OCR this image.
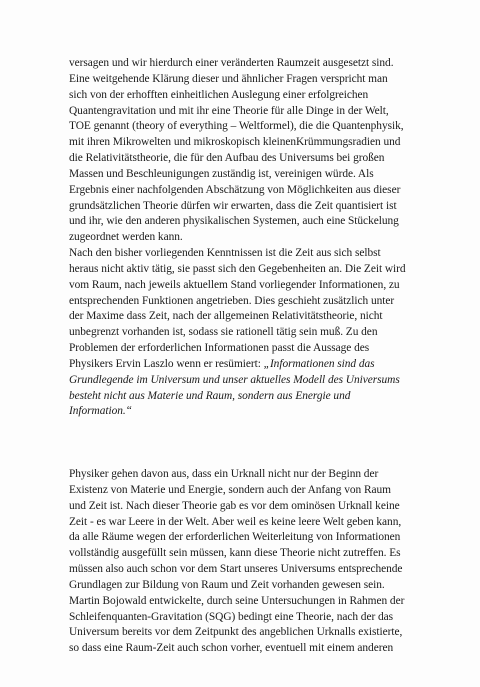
versagen und wir hierdurch einer veränderten Raumzeit ausgesetzt sind.
Eine weitgehende Klärung dieser und ähnlicher Fragen verspricht man
sich von der erhofften einheitlichen Auslegung einer erfolgreichen
Quantengravitation und mit ihr eine Theorie für alle Dinge in der Welt,
TOE genannt (theory of everything – Weltformel), die die Quantenphysik,
mit ihren Mikrowelten und mikroskopisch kleinenKrümmungsradien und
die Relativitätstheorie, die für den Aufbau des Universums bei großen
Massen und Beschleunigungen zuständig ist, vereinigen würde. Als
Ergebnis einer nachfolgenden Abschätzung von Möglichkeiten aus dieser
grundsätzlichen Theorie dürfen wir erwarten, dass die Zeit quantisiert ist
und ihr, wie den anderen physikalischen Systemen, auch eine Stückelung
zugeordnet werden kann.
Nach den bisher vorliegenden Kenntnissen ist die Zeit aus sich selbst
heraus nicht aktiv tätig, sie passt sich den Gegebenheiten an. Die Zeit wird
vom Raum, nach jeweils aktuellem Stand vorliegender Informationen, zu
entsprechenden Funktionen angetrieben. Dies geschieht zusätzlich unter
der Maxime dass Zeit, nach der allgemeinen Relativitätstheorie, nicht
unbegrenzt vorhanden ist, sodass sie rationell tätig sein muß. Zu den
Problemen der erforderlichen Informationen passt die Aussage des
Physikers Ervin Laszlo wenn er resümiert: „Informationen sind das
Grundlegende im Universum und unser aktuelles Modell des Universums
besteht nicht aus Materie und Raum, sondern aus Energie und
Information.“
Physiker gehen davon aus, dass ein Urknall nicht nur der Beginn der
Existenz von Materie und Energie, sondern auch der Anfang von Raum
und Zeit ist. Nach dieser Theorie gab es vor dem ominösen Urknall keine
Zeit - es war Leere in der Welt. Aber weil es keine leere Welt geben kann,
da alle Räume wegen der erforderlichen Weiterleitung von Informationen
vollständig ausgefüllt sein müssen, kann diese Theorie nicht zutreffen. Es
müssen also auch schon vor dem Start unseres Universums entsprechende
Grundlagen zur Bildung von Raum und Zeit vorhanden gewesen sein.
Martin Bojowald entwickelte, durch seine Untersuchungen in Rahmen der
Schleifenquanten-Gravitation (SQG) bedingt eine Theorie, nach der das
Universum bereits vor dem Zeitpunkt des angeblichen Urknalls existierte,
so dass eine Raum-Zeit auch schon vorher, eventuell mit einem anderen
